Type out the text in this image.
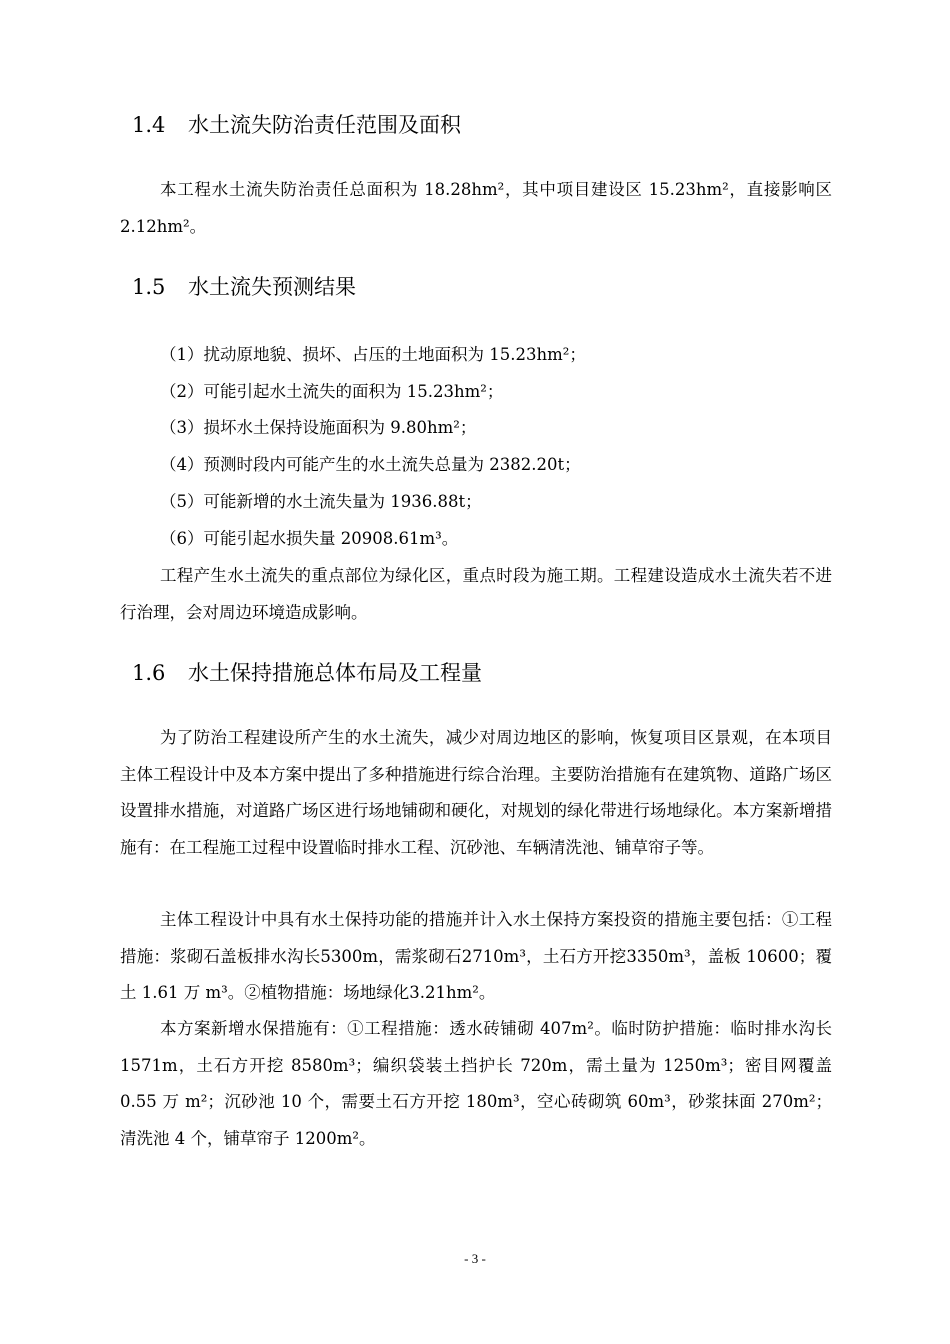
1.4 水土流失防治责任范围及面积
本工程水土流失防治责任总面积为 18.28hm²，其中项目建设区 15.23hm²，直接影响区 2.12hm²。
1.5 水土流失预测结果
（1）扰动原地貌、损坏、占压的土地面积为 15.23hm²；
（2）可能引起水土流失的面积为 15.23hm²；
（3）损坏水土保持设施面积为 9.80hm²；
（4）预测时段内可能产生的水土流失总量为 2382.20t；
（5）可能新增的水土流失量为 1936.88t；
（6）可能引起水损失量 20908.61m³。
工程产生水土流失的重点部位为绿化区，重点时段为施工期。工程建设造成水土流失若不进行治理，会对周边环境造成影响。
1.6 水土保持措施总体布局及工程量
为了防治工程建设所产生的水土流失，减少对周边地区的影响，恢复项目区景观，在本项目主体工程设计中及本方案中提出了多种措施进行综合治理。主要防治措施有在建筑物、道路广场区设置排水措施，对道路广场区进行场地铺砌和硬化，对规划的绿化带进行场地绿化。本方案新增措施有：在工程施工过程中设置临时排水工程、沉砂池、车辆清洗池、铺草帘子等。
主体工程设计中具有水土保持功能的措施并计入水土保持方案投资的措施主要包括：①工程措施：浆砌石盖板排水沟长5300m，需浆砌石2710m³，土石方开挖3350m³，盖板 10600；覆土 1.61 万 m³。②植物措施：场地绿化3.21hm²。
本方案新增水保措施有：①工程措施：透水砖铺砌 407m²。临时防护措施：临时排水沟长 1571m，土石方开挖 8580m³；编织袋装土挡护长 720m，需土量为 1250m³；密目网覆盖 0.55 万 m²；沉砂池 10 个，需要土石方开挖 180m³，空心砖砌筑 60m³，砂浆抹面 270m²；清洗池 4 个，铺草帘子 1200m²。
- 3 -
